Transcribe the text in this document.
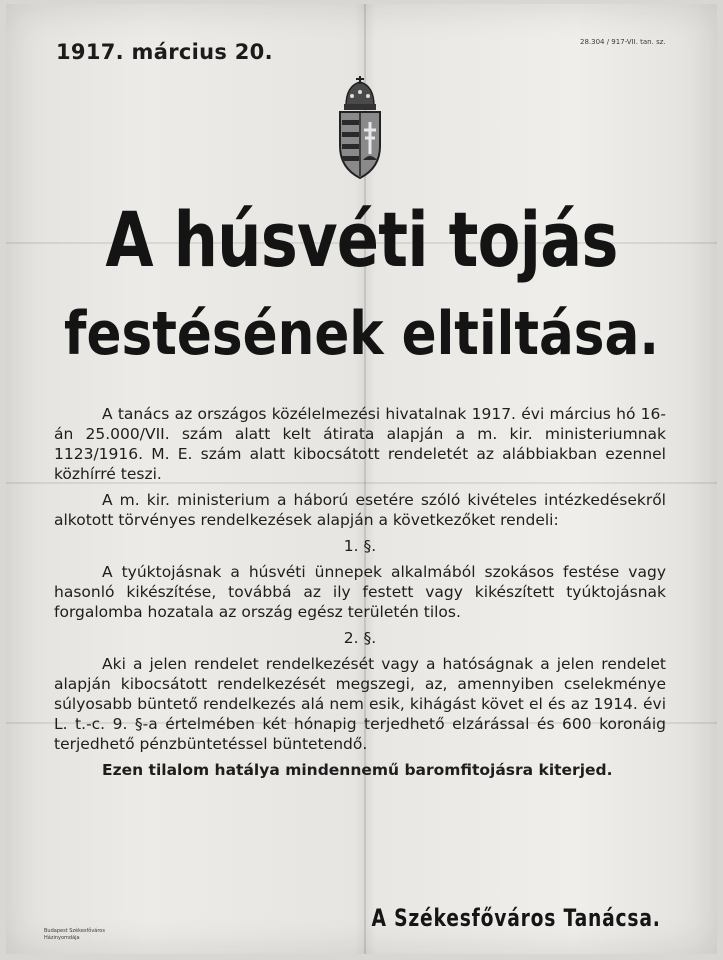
1917. március 20.	28.304 / 917-VII. tan. sz.
A húsvéti tojás
festésének eltiltása.

A tanács az országos közélelmezési hivatalnak 1917. évi március hó 16-án 25.000/VII. szám alatt kelt átirata alapján a m. kir. ministeriumnak 1123/1916. M. E. szám alatt kibocsátott rendeletét az alábbiakban ezennel közhírré teszi.

A m. kir. ministerium a háború esetére szóló kivételes intézkedésekről alkotott törvényes rendelkezések alapján a következőket rendeli:

1. §.

A tyúktojásnak a húsvéti ünnepek alkalmából szokásos festése vagy hasonló kikészítése, továbbá az ily festett vagy kikészített tyúktojásnak forgalomba hozatala az ország egész területén tilos.

2. §.

Aki a jelen rendelet rendelkezését vagy a hatóságnak a jelen rendelet alapján kibocsátott rendelkezését megszegi, az, amennyiben cselekménye súlyosabb büntető rendelkezés alá nem esik, kihágást követ el és az 1914. évi L. t.-c. 9. §-a értelmében két hónapig terjedhető elzárással és 600 koronáig terjedhető pénzbüntetéssel büntetendő.

Ezen tilalom hatálya mindennemű baromfitojásra kiterjed.

Budapest Székesfőváros Házinyomdája
A Székesfőváros Tanácsa.
